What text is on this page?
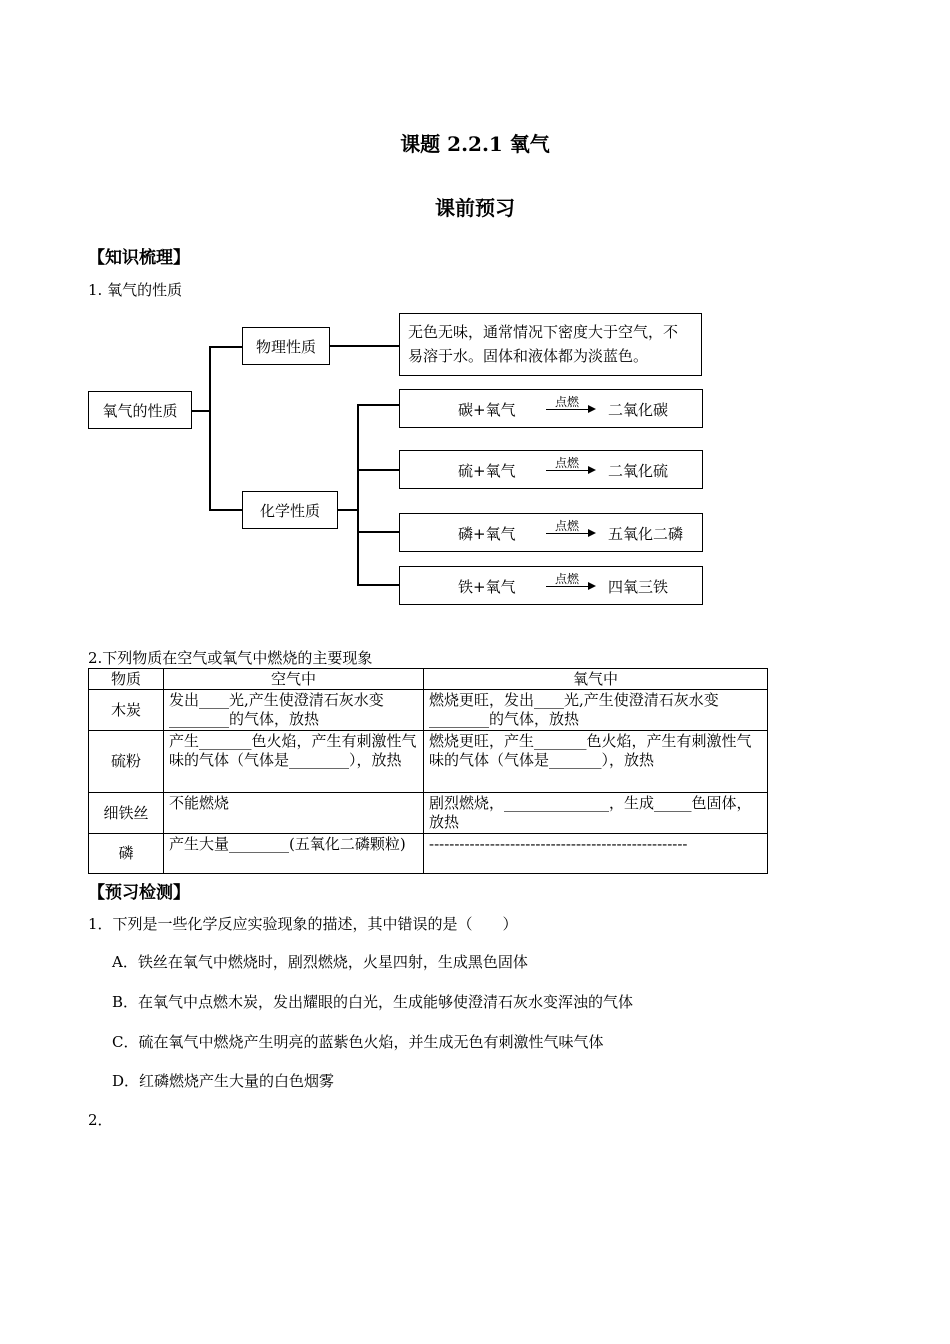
课题 2.2.1 氧气
课前预习
【知识梳理】
1. 氧气的性质
氧气的性质
物理性质
无色无味，通常情况下密度大于空气，不
易溶于水。固体和液体都为淡蓝色。
化学性质
碳+氧气	点燃 二氧化碳
硫+氧气	点燃 二氧化硫
磷+氧气	点燃 五氧化二磷
铁+氧气	点燃 四氧三铁
2.下列物质在空气或氧气中燃烧的主要现象
物质	空气中	氧气中
木炭	发出____光,产生使澄清石灰水变________的气体，放热	燃烧更旺，发出____光,产生使澄清石灰水变________的气体，放热
硫粉	产生_______色火焰，产生有刺激性气味的气体（气体是________），放热	燃烧更旺，产生_______色火焰，产生有刺激性气味的气体（气体是_______），放热
细铁丝	不能燃烧	剧烈燃烧，______________，生成_____色固体，放热
磷	产生大量________(五氧化二磷颗粒)	---------------------------------------------------
【预习检测】
1．下列是一些化学反应实验现象的描述，其中错误的是（　　）
A．铁丝在氧气中燃烧时，剧烈燃烧，火星四射，生成黑色固体
B．在氧气中点燃木炭，发出耀眼的白光，生成能够使澄清石灰水变浑浊的气体
C．硫在氧气中燃烧产生明亮的蓝紫色火焰，并生成无色有刺激性气味气体
D．红磷燃烧产生大量的白色烟雾
2．
